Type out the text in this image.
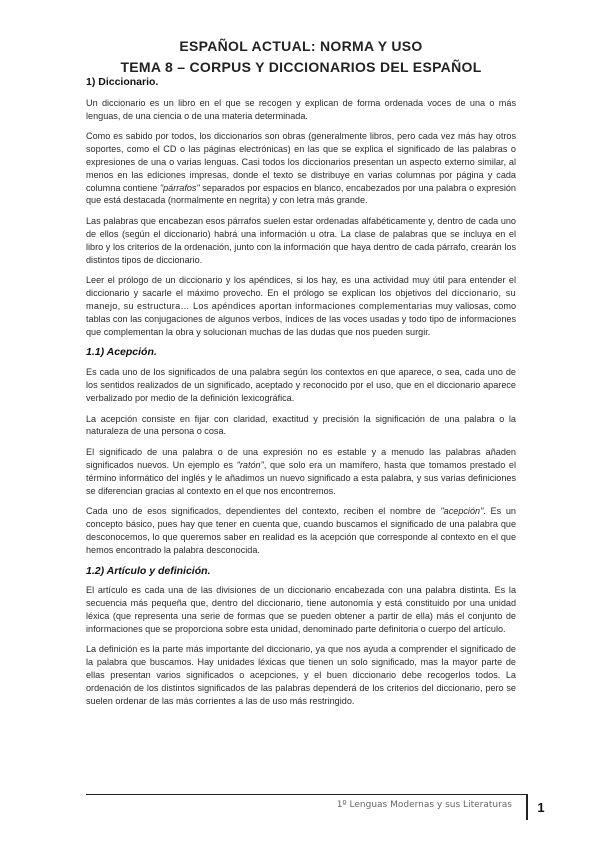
ESPAÑOL ACTUAL: NORMA Y USO
TEMA 8 – CORPUS Y DICCIONARIOS DEL ESPAÑOL
1) Diccionario.

Un diccionario es un libro en el que se recogen y explican de forma ordenada voces de una o más lenguas, de una ciencia o de una materia determinada.

Como es sabido por todos, los diccionarios son obras (generalmente libros, pero cada vez más hay otros soportes, como el CD o las páginas electrónicas) en las que se explica el significado de las palabras o expresiones de una o varias lenguas. Casi todos los diccionarios presentan un aspecto externo similar, al menos en las ediciones impresas, donde el texto se distribuye en varias columnas por página y cada columna contiene "párrafos" separados por espacios en blanco, encabezados por una palabra o expresión que está destacada (normalmente en negrita) y con letra más grande.

Las palabras que encabezan esos párrafos suelen estar ordenadas alfabéticamente y, dentro de cada uno de ellos (según el diccionario) habrá una información u otra. La clase de palabras que se incluya en el libro y los criterios de la ordenación, junto con la información que haya dentro de cada párrafo, crearán los distintos tipos de diccionario.

Leer el prólogo de un diccionario y los apéndices, si los hay, es una actividad muy útil para entender el diccionario y sacarle el máximo provecho. En el prólogo se explican los objetivos del diccionario, su manejo, su estructura… Los apéndices aportan informaciones complementarias muy valiosas, como tablas con las conjugaciones de algunos verbos, índices de las voces usadas y todo tipo de informaciones que complementan la obra y solucionan muchas de las dudas que nos pueden surgir.

1.1) Acepción.

Es cada uno de los significados de una palabra según los contextos en que aparece, o sea, cada uno de los sentidos realizados de un significado, aceptado y reconocido por el uso, que en el diccionario aparece verbalizado por medio de la definición lexicográfica.

La acepción consiste en fijar con claridad, exactitud y precisión la significación de una palabra o la naturaleza de una persona o cosa.

El significado de una palabra o de una expresión no es estable y a menudo las palabras añaden significados nuevos. Un ejemplo es "ratón", que solo era un mamífero, hasta que tomamos prestado el término informático del inglés y le añadimos un nuevo significado a esta palabra, y sus varias definiciones se diferencian gracias al contexto en el que nos encontremos.

Cada uno de esos significados, dependientes del contexto, reciben el nombre de "acepción". Es un concepto básico, pues hay que tener en cuenta que, cuando buscamos el significado de una palabra que desconocemos, lo que queremos saber en realidad es la acepción que corresponde al contexto en el que hemos encontrado la palabra desconocida.

1.2) Artículo y definición.

El artículo es cada una de las divisiones de un diccionario encabezada con una palabra distinta. Es la secuencia más pequeña que, dentro del diccionario, tiene autonomía y está constituido por una unidad léxica (que representa una serie de formas que se pueden obtener a partir de ella) más el conjunto de informaciones que se proporciona sobre esta unidad, denominado parte definitoria o cuerpo del artículo.

La definición es la parte más importante del diccionario, ya que nos ayuda a comprender el significado de la palabra que buscamos. Hay unidades léxicas que tienen un solo significado, mas la mayor parte de ellas presentan varios significados o acepciones, y el buen diccionario debe recogerlos todos. La ordenación de los distintos significados de las palabras dependerá de los criterios del diccionario, pero se suelen ordenar de las más corrientes a las de uso más restringido.

1º Lenguas Modernas y sus Literaturas	1
